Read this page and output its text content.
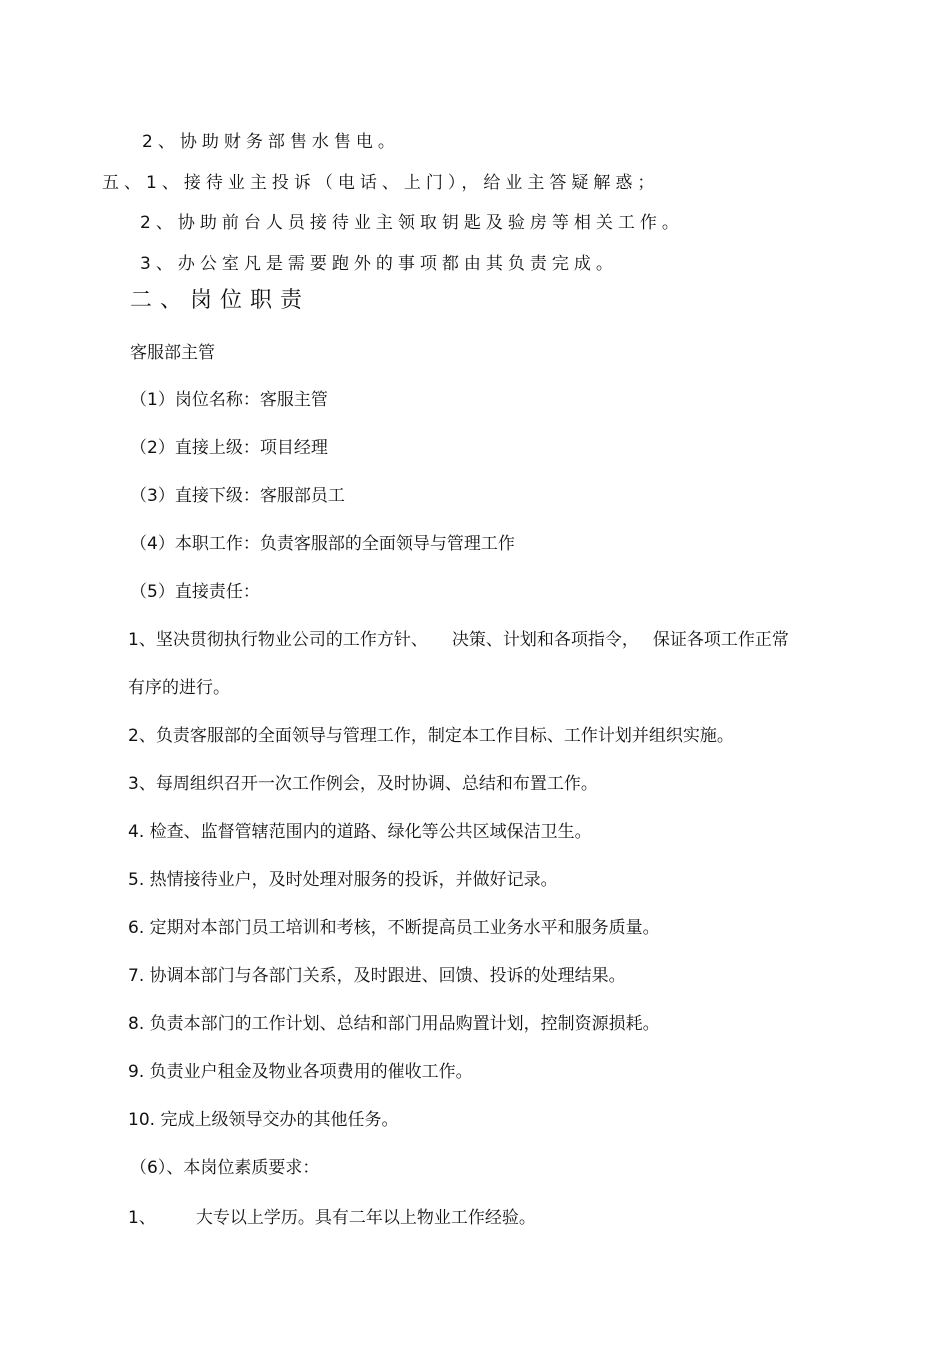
2、协助财务部售水售电。
五、1、接待业主投诉（电话、上门），给业主答疑解惑；
2、协助前台人员接待业主领取钥匙及验房等相关工作。
3、办公室凡是需要跑外的事项都由其负责完成。
二、岗位职责
客服部主管
（1）岗位名称：客服主管
（2）直接上级：项目经理
（3）直接下级：客服部员工
（4）本职工作：负责客服部的全面领导与管理工作
（5）直接责任：
1、坚决贯彻执行物业公司的工作方针、 决策、计划和各项指令， 保证各项工作正常
有序的进行。
2、负责客服部的全面领导与管理工作，制定本工作目标、工作计划并组织实施。
3、每周组织召开一次工作例会，及时协调、总结和布置工作。
4. 检查、监督管辖范围内的道路、绿化等公共区域保洁卫生。
5. 热情接待业户，及时处理对服务的投诉，并做好记录。
6. 定期对本部门员工培训和考核，不断提高员工业务水平和服务质量。
7. 协调本部门与各部门关系，及时跟进、回馈、投诉的处理结果。
8. 负责本部门的工作计划、总结和部门用品购置计划，控制资源损耗。
9. 负责业户租金及物业各项费用的催收工作。
10. 完成上级领导交办的其他任务。
（6）、本岗位素质要求：
1、 大专以上学历。具有二年以上物业工作经验。
